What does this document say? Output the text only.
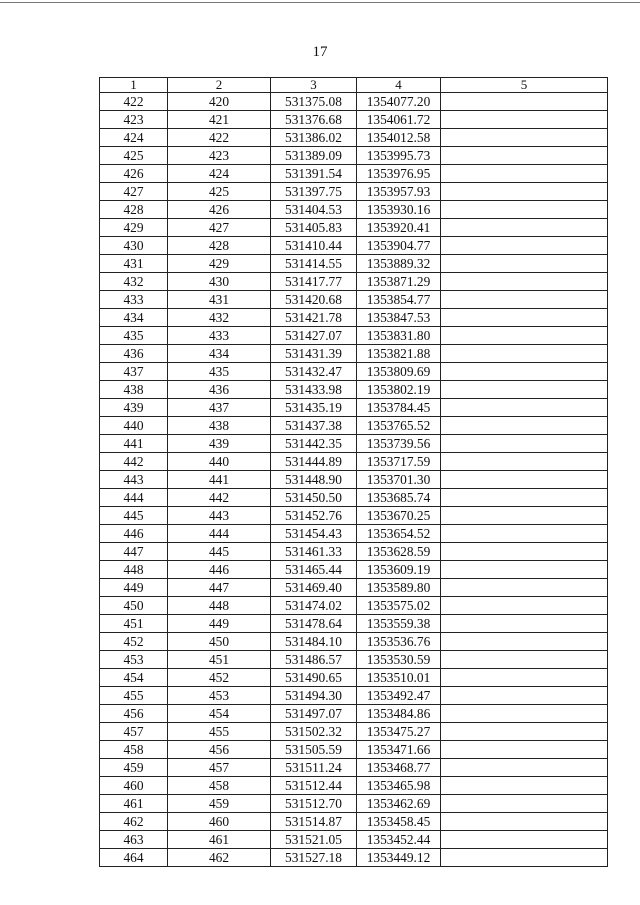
17
1	2	3	4	5
422	420	531375.08	1354077.20	
423	421	531376.68	1354061.72	
424	422	531386.02	1354012.58	
425	423	531389.09	1353995.73	
426	424	531391.54	1353976.95	
427	425	531397.75	1353957.93	
428	426	531404.53	1353930.16	
429	427	531405.83	1353920.41	
430	428	531410.44	1353904.77	
431	429	531414.55	1353889.32	
432	430	531417.77	1353871.29	
433	431	531420.68	1353854.77	
434	432	531421.78	1353847.53	
435	433	531427.07	1353831.80	
436	434	531431.39	1353821.88	
437	435	531432.47	1353809.69	
438	436	531433.98	1353802.19	
439	437	531435.19	1353784.45	
440	438	531437.38	1353765.52	
441	439	531442.35	1353739.56	
442	440	531444.89	1353717.59	
443	441	531448.90	1353701.30	
444	442	531450.50	1353685.74	
445	443	531452.76	1353670.25	
446	444	531454.43	1353654.52	
447	445	531461.33	1353628.59	
448	446	531465.44	1353609.19	
449	447	531469.40	1353589.80	
450	448	531474.02	1353575.02	
451	449	531478.64	1353559.38	
452	450	531484.10	1353536.76	
453	451	531486.57	1353530.59	
454	452	531490.65	1353510.01	
455	453	531494.30	1353492.47	
456	454	531497.07	1353484.86	
457	455	531502.32	1353475.27	
458	456	531505.59	1353471.66	
459	457	531511.24	1353468.77	
460	458	531512.44	1353465.98	
461	459	531512.70	1353462.69	
462	460	531514.87	1353458.45	
463	461	531521.05	1353452.44	
464	462	531527.18	1353449.12	
